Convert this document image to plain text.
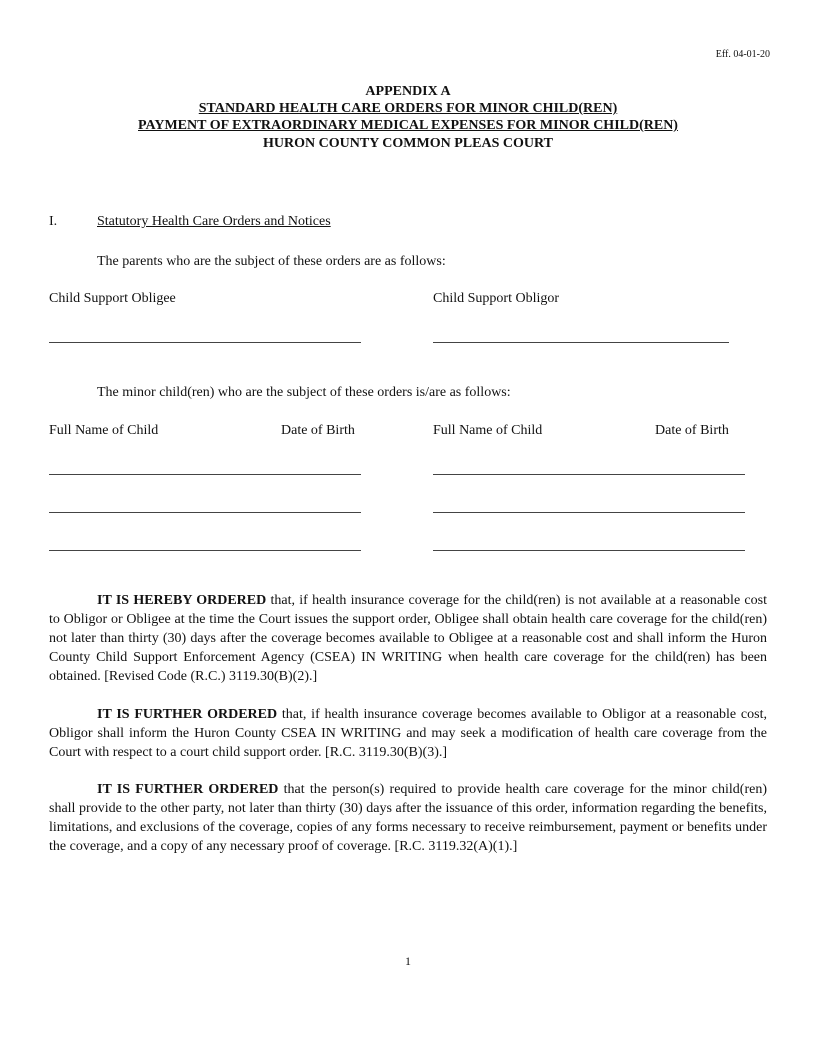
Eff. 04-01-20
APPENDIX A
STANDARD HEALTH CARE ORDERS FOR MINOR CHILD(REN)
PAYMENT OF EXTRAORDINARY MEDICAL EXPENSES FOR MINOR CHILD(REN)
HURON COUNTY COMMON PLEAS COURT
I.	Statutory Health Care Orders and Notices
The parents who are the subject of these orders are as follows:
Child Support Obligee	Child Support Obligor
The minor child(ren) who are the subject of these orders is/are as follows:
Full Name of Child	Date of Birth	Full Name of Child	Date of Birth
IT IS HEREBY ORDERED that, if health insurance coverage for the child(ren) is not available at a reasonable cost to Obligor or Obligee at the time the Court issues the support order, Obligee shall obtain health care coverage for the child(ren) not later than thirty (30) days after the coverage becomes available to Obligee at a reasonable cost and shall inform the Huron County Child Support Enforcement Agency (CSEA) IN WRITING when health care coverage for the child(ren) has been obtained. [Revised Code (R.C.) 3119.30(B)(2).]
IT IS FURTHER ORDERED that, if health insurance coverage becomes available to Obligor at a reasonable cost, Obligor shall inform the Huron County CSEA IN WRITING and may seek a modification of health care coverage from the Court with respect to a court child support order. [R.C. 3119.30(B)(3).]
IT IS FURTHER ORDERED that the person(s) required to provide health care coverage for the minor child(ren) shall provide to the other party, not later than thirty (30) days after the issuance of this order, information regarding the benefits, limitations, and exclusions of the coverage, copies of any forms necessary to receive reimbursement, payment or benefits under the coverage, and a copy of any necessary proof of coverage. [R.C. 3119.32(A)(1).]
1
